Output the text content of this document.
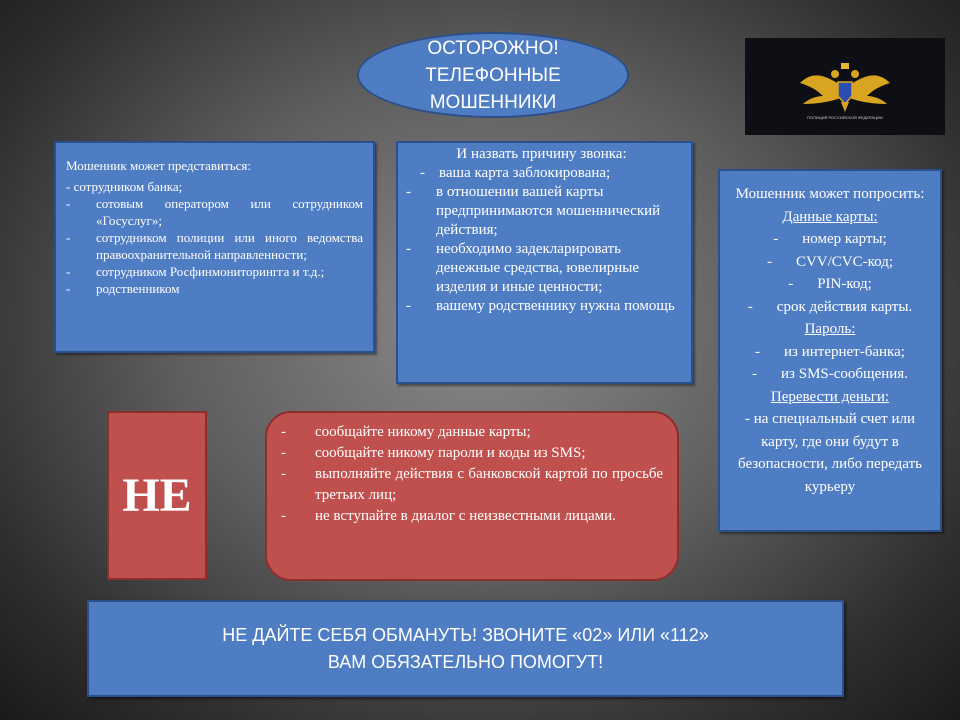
ОСТОРОЖНО!
ТЕЛЕФОННЫЕ
МОШЕННИКИ
ПОЛИЦИЯ РОССИЙСКОЙ ФЕДЕРАЦИИ
Мошенник может представиться:
- сотрудником банка;
-	сотовым оператором или сотрудником «Госуслуг»;
-	сотрудником полиции или иного ведомства правоохранительной направленности;
-	сотрудником Росфинмониторингга и т.д.;
-	родственником
И назвать причину звонка:
- ваша карта заблокирована;
-	в отношении вашей карты предпринимаются мошеннический действия;
-	необходимо задекларировать денежные средства, ювелирные изделия и иные ценности;
-	вашему родственнику нужна помощь
Мошенник может попросить:
Данные карты:
- номер карты;
- CVV/CVC-код;
- PIN-код;
- срок действия карты.
Пароль:
- из интернет-банка;
- из SMS-сообщения.
Перевести деньги:
- на специальный счет или карту, где они будут в безопасности, либо передать курьеру
НЕ
-	сообщайте никому данные карты;
-	сообщайте никому пароли и коды из SMS;
-	выполняйте действия с банковской картой по просьбе третьих лиц;
-	не вступайте в диалог с неизвестными лицами.
НЕ ДАЙТЕ СЕБЯ ОБМАНУТЬ! ЗВОНИТЕ «02» ИЛИ «112»
ВАМ ОБЯЗАТЕЛЬНО ПОМОГУТ!
